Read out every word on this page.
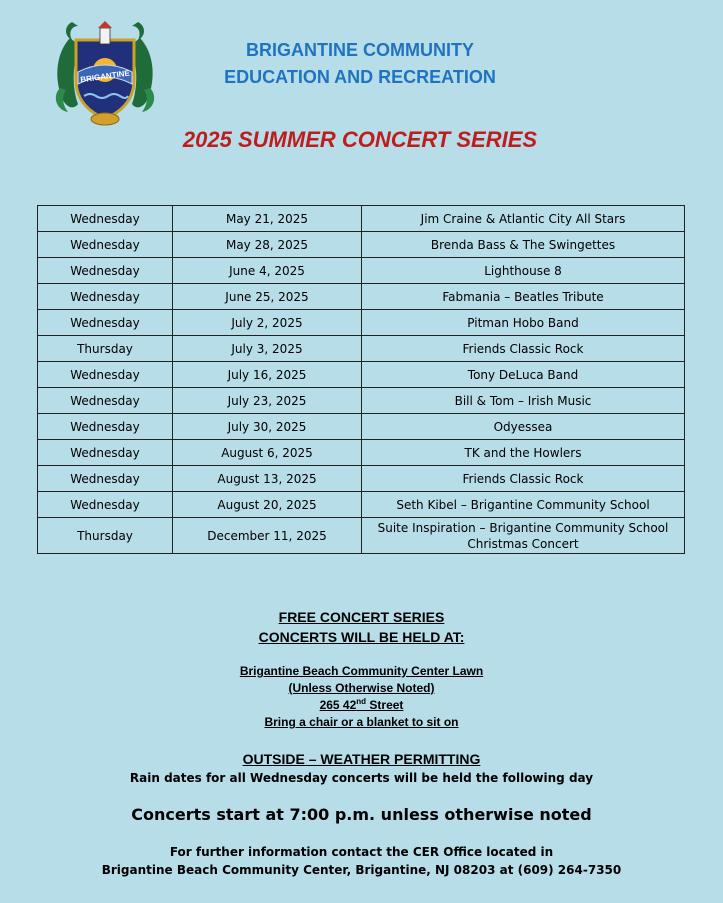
BRIGANTINE
BRIGANTINE COMMUNITY
EDUCATION AND RECREATION
2025 SUMMER CONCERT SERIES
Wednesday	May 21, 2025	Jim Craine & Atlantic City All Stars
Wednesday	May 28, 2025	Brenda Bass & The Swingettes
Wednesday	June 4, 2025	Lighthouse 8
Wednesday	June 25, 2025	Fabmania – Beatles Tribute
Wednesday	July 2, 2025	Pitman Hobo Band
Thursday	July 3, 2025	Friends Classic Rock
Wednesday	July 16, 2025	Tony DeLuca Band
Wednesday	July 23, 2025	Bill & Tom – Irish Music
Wednesday	July 30, 2025	Odyessea
Wednesday	August 6, 2025	TK and the Howlers
Wednesday	August 13, 2025	Friends Classic Rock
Wednesday	August 20, 2025	Seth Kibel – Brigantine Community School
Thursday	December 11, 2025	Suite Inspiration – Brigantine Community School
Christmas Concert
FREE CONCERT SERIES
CONCERTS WILL BE HELD AT:
Brigantine Beach Community Center Lawn
(Unless Otherwise Noted)
265 42nd Street
Bring a chair or a blanket to sit on
OUTSIDE – WEATHER PERMITTING
Rain dates for all Wednesday concerts will be held the following day
Concerts start at 7:00 p.m. unless otherwise noted
For further information contact the CER Office located in
Brigantine Beach Community Center, Brigantine, NJ 08203 at (609) 264-7350
